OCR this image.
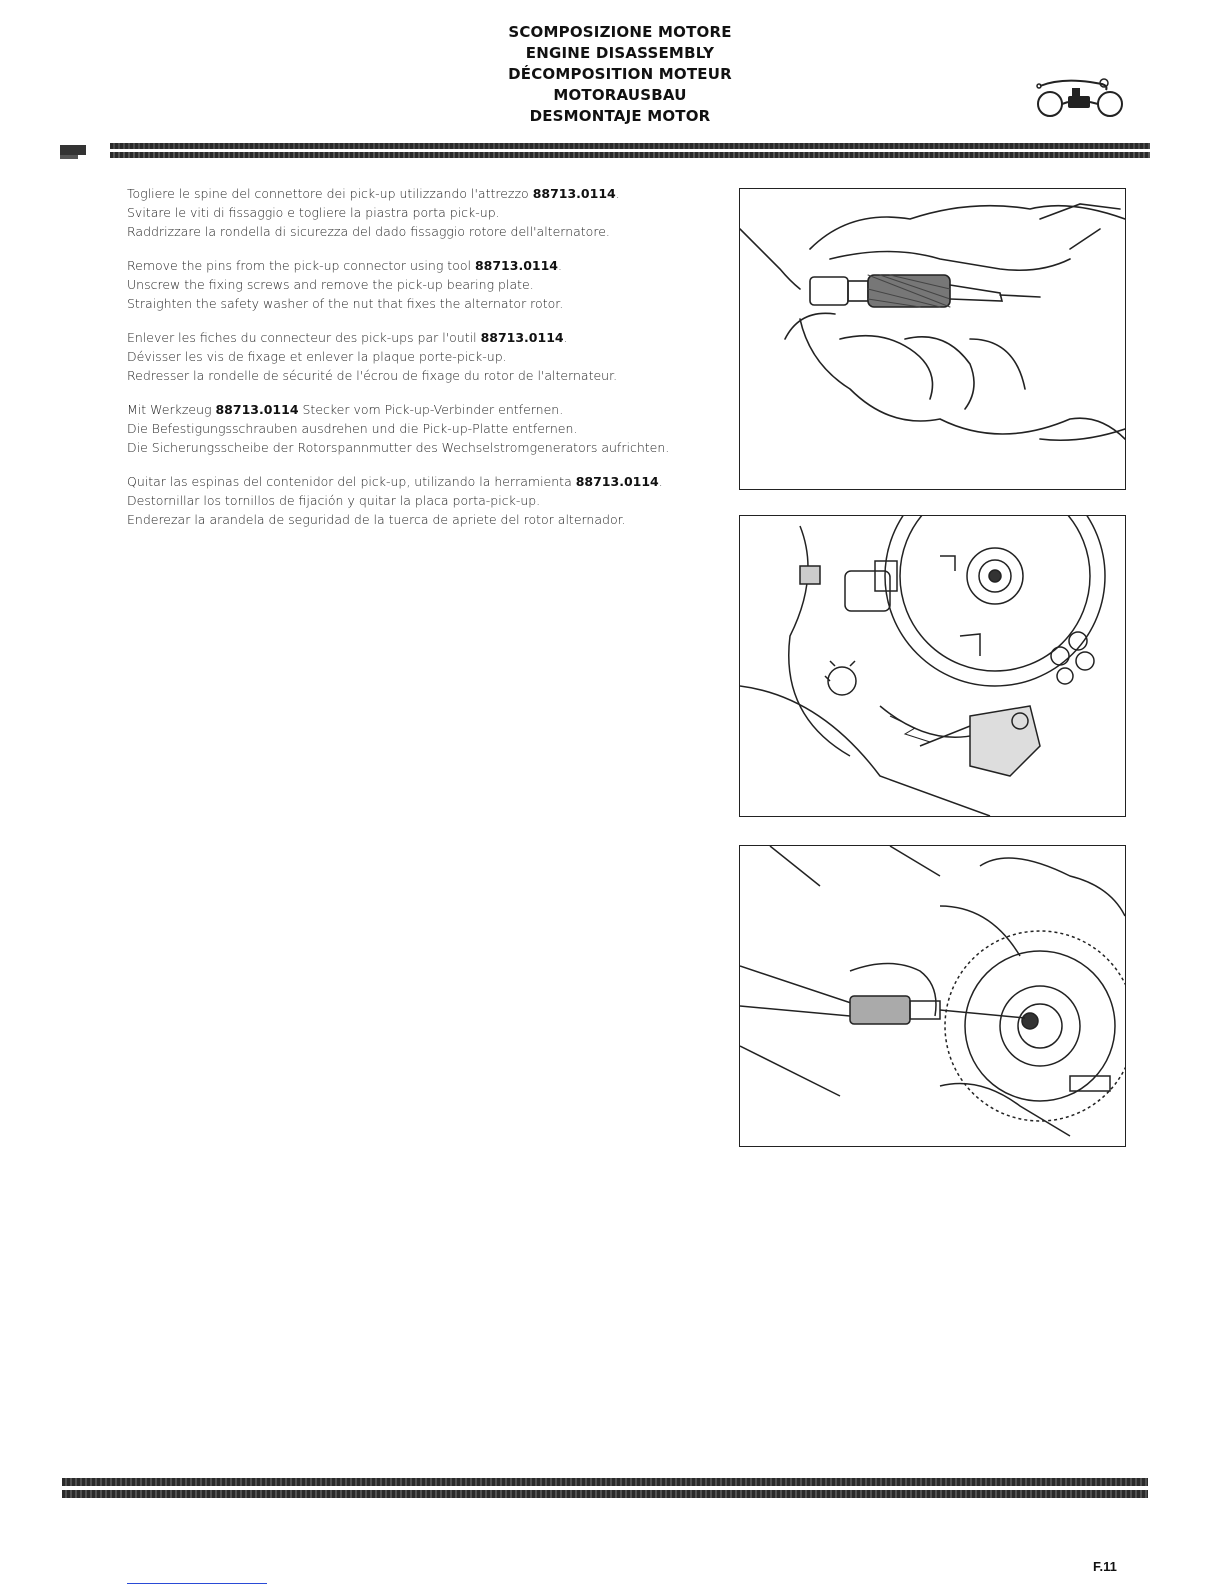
SCOMPOSIZIONE MOTORE
ENGINE DISASSEMBLY
DÉCOMPOSITION MOTEUR
MOTORAUSBAU
DESMONTAJE MOTOR
Togliere le spine del connettore dei pick-up utilizzando l'attrezzo 88713.0114.
Svitare le viti di fissaggio e togliere la piastra porta pick-up.
Raddrizzare la rondella di sicurezza del dado fissaggio rotore dell'alternatore.
Remove the pins from the pick-up connector using tool 88713.0114.
Unscrew the fixing screws and remove the pick-up bearing plate.
Straighten the safety washer of the nut that fixes the alternator rotor.
Enlever les fiches du connecteur des pick-ups par l'outil 88713.0114.
Dévisser les vis de fixage et enlever la plaque porte-pick-up.
Redresser la rondelle de sécurité de l'écrou de fixage du rotor de l'alternateur.
Mit Werkzeug 88713.0114 Stecker vom Pick-up-Verbinder entfernen.
Die Befestigungsschrauben ausdrehen und die Pick-up-Platte entfernen.
Die Sicherungsscheibe der Rotorspannmutter des Wechselstromgenerators aufrichten.
Quitar las espinas del contenidor del pick-up, utilizando la herramienta 88713.0114.
Destornillar los tornillos de fijación y quitar la placa porta-pick-up.
Enderezar la arandela de seguridad de la tuerca de apriete del rotor alternador.
F.11
